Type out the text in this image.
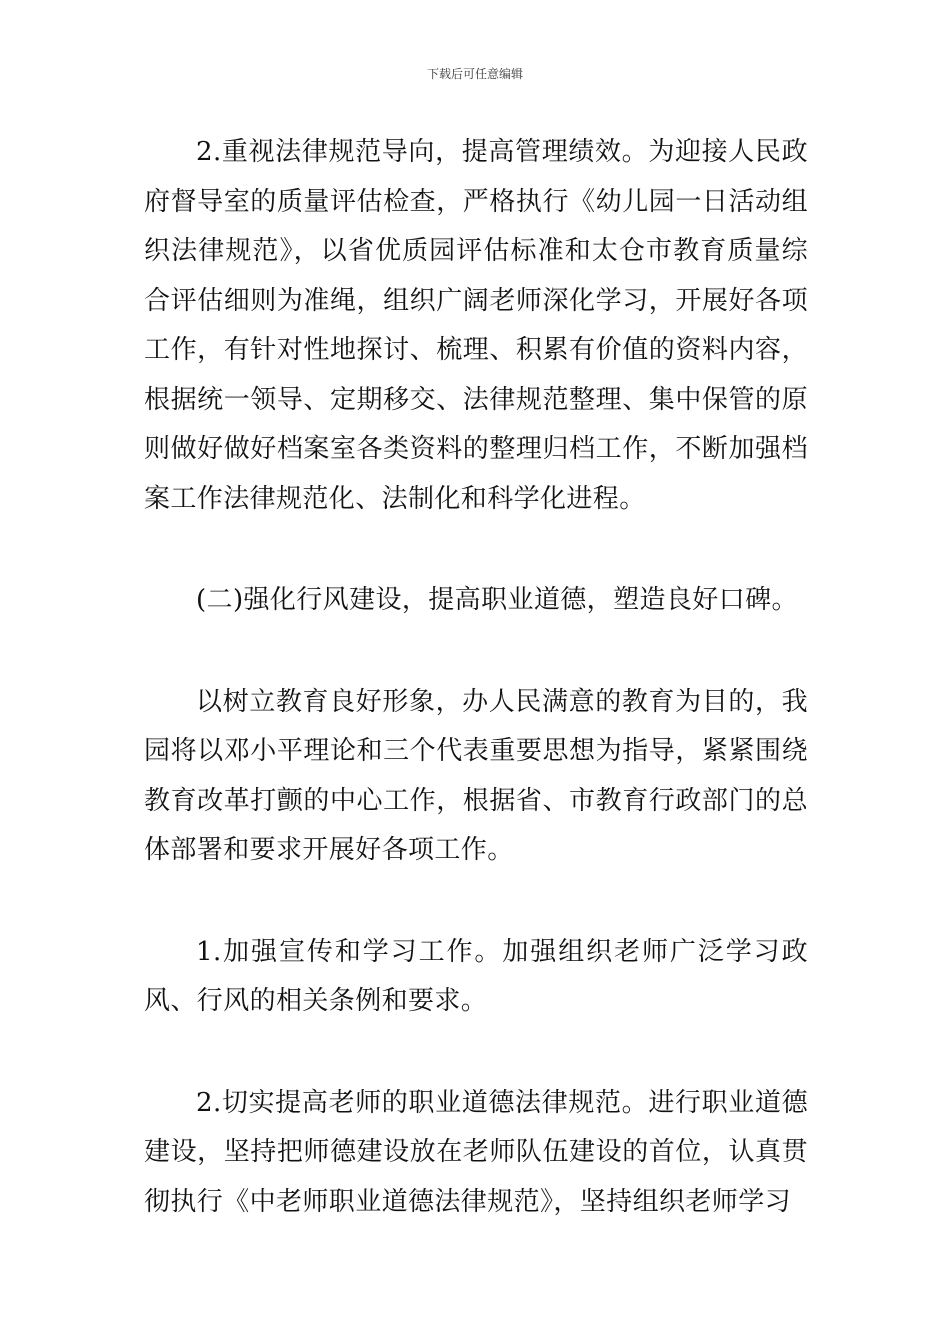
下载后可任意编辑

2.重视法律规范导向，提高管理绩效。为迎接人民政府督导室的质量评估检查，严格执行《幼儿园一日活动组织法律规范》，以省优质园评估标准和太仓市教育质量综合评估细则为准绳，组织广阔老师深化学习，开展好各项工作，有针对性地探讨、梳理、积累有价值的资料内容，根据统一领导、定期移交、法律规范整理、集中保管的原则做好做好档案室各类资料的整理归档工作，不断加强档案工作法律规范化、法制化和科学化进程。

(二)强化行风建设，提高职业道德，塑造良好口碑。

以树立教育良好形象，办人民满意的教育为目的，我园将以邓小平理论和三个代表重要思想为指导，紧紧围绕教育改革打颤的中心工作，根据省、市教育行政部门的总体部署和要求开展好各项工作。

1.加强宣传和学习工作。加强组织老师广泛学习政风、行风的相关条例和要求。

2.切实提高老师的职业道德法律规范。进行职业道德建设，坚持把师德建设放在老师队伍建设的首位，认真贯彻执行《中老师职业道德法律规范》，坚持组织老师学习
